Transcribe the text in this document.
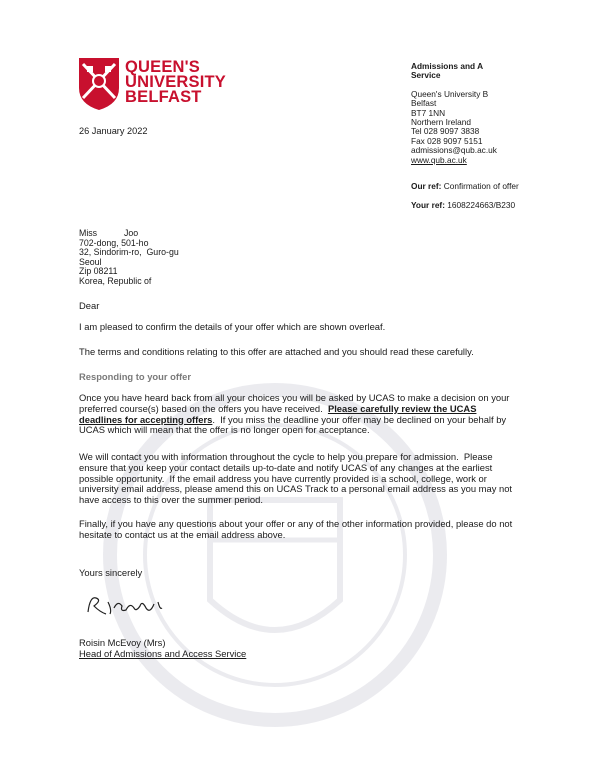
QUEEN'S
UNIVERSITY
BELFAST
Admissions and A
Service
Queen's University B
Belfast
BT7 1NN
Northern Ireland
Tel 028 9097 3838
Fax 028 9097 5151
admissions@qub.ac.uk
www.qub.ac.uk
26 January 2022
Our ref: Confirmation of offer
Your ref: 1608224663/B230
Miss           Joo
702-dong, 501-ho
32, Sindorim-ro,  Guro-gu
Seoul
Zip 08211
Korea, Republic of
Dear
I am pleased to confirm the details of your offer which are shown overleaf.
The terms and conditions relating to this offer are attached and you should read these carefully.
Responding to your offer
Once you have heard back from all your choices you will be asked by UCAS to make a decision on your preferred course(s) based on the offers you have received.  Please carefully review the UCAS deadlines for accepting offers.  If you miss the deadline your offer may be declined on your behalf by UCAS which will mean that the offer is no longer open for acceptance.
We will contact you with information throughout the cycle to help you prepare for admission.  Please ensure that you keep your contact details up-to-date and notify UCAS of any changes at the earliest possible opportunity.  If the email address you have currently provided is a school, college, work or university email address, please amend this on UCAS Track to a personal email address as you may not have access to this over the summer period.
Finally, if you have any questions about your offer or any of the other information provided, please do not hesitate to contact us at the email address above.
Yours sincerely
Roisin McEvoy (Mrs)
Head of Admissions and Access Service
